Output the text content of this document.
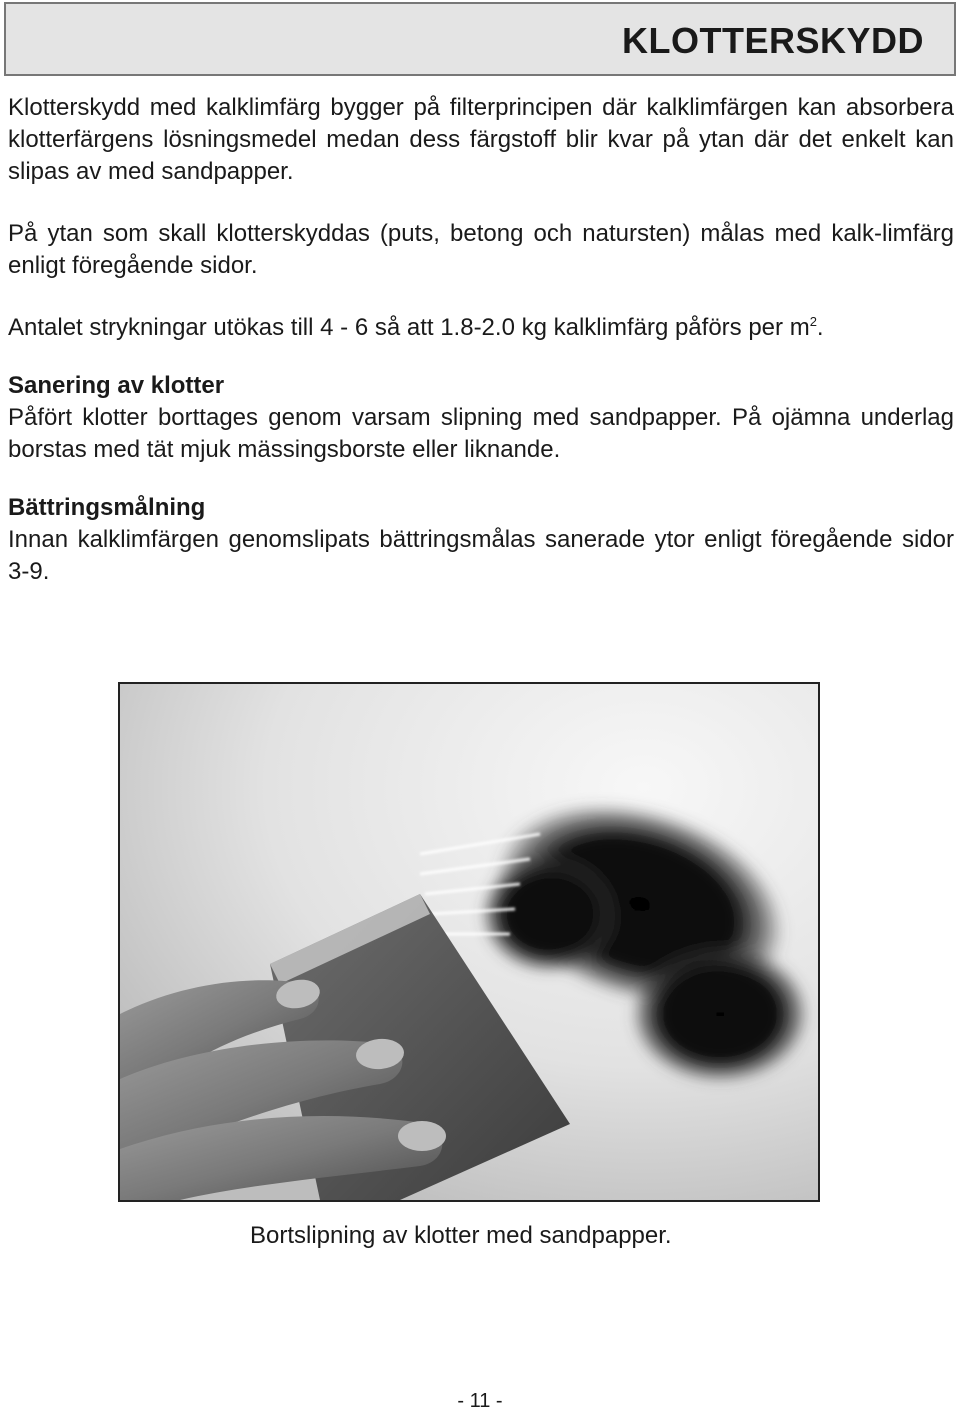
KLOTTERSKYDD

Klotterskydd med kalklimfärg bygger på filterprincipen där kalklimfärgen kan absorbera klotterfärgens lösningsmedel medan dess färgstoff blir kvar på ytan där det enkelt kan slipas av med sandpapper.

På ytan som skall klotterskyddas (puts, betong och natursten) målas med kalk-limfärg enligt föregående sidor.

Antalet strykningar utökas till 4 - 6 så att 1.8-2.0 kg kalklimfärg påförs per $m^2$.

Sanering av klotter

Påfört klotter borttages genom varsam slipning med sandpapper. På ojämna underlag borstas med tät mjuk mässingsborste eller liknande.

Bättringsmålning

Innan kalklimfärgen genomslipats bättringsmålas sanerade ytor enligt föregående sidor 3-9.

Bortslipning av klotter med sandpapper.
- 11 -
